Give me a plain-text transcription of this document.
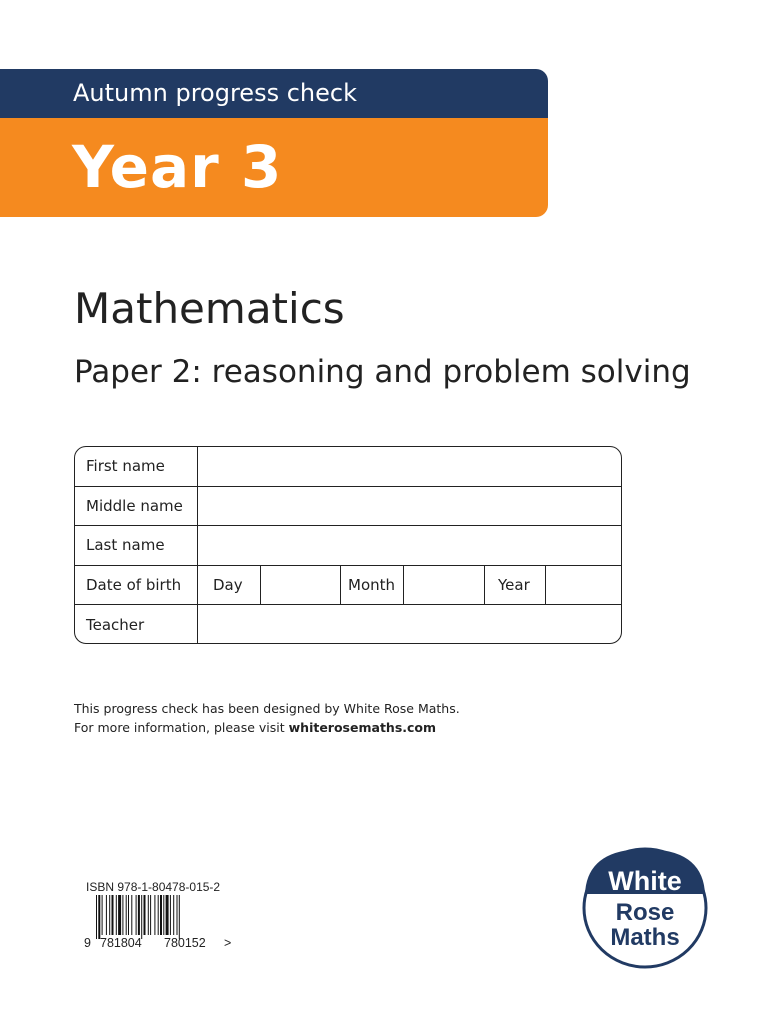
Autumn progress check
Year 3
Mathematics
Paper 2: reasoning and problem solving
First name
Middle name
Last name
Date of birth	Day	Month	Year
Teacher
This progress check has been designed by White Rose Maths.
For more information, please visit whiterosemaths.com
ISBN 978-1-80478-015-2
9 781804 780152 >
White
Rose
Maths
